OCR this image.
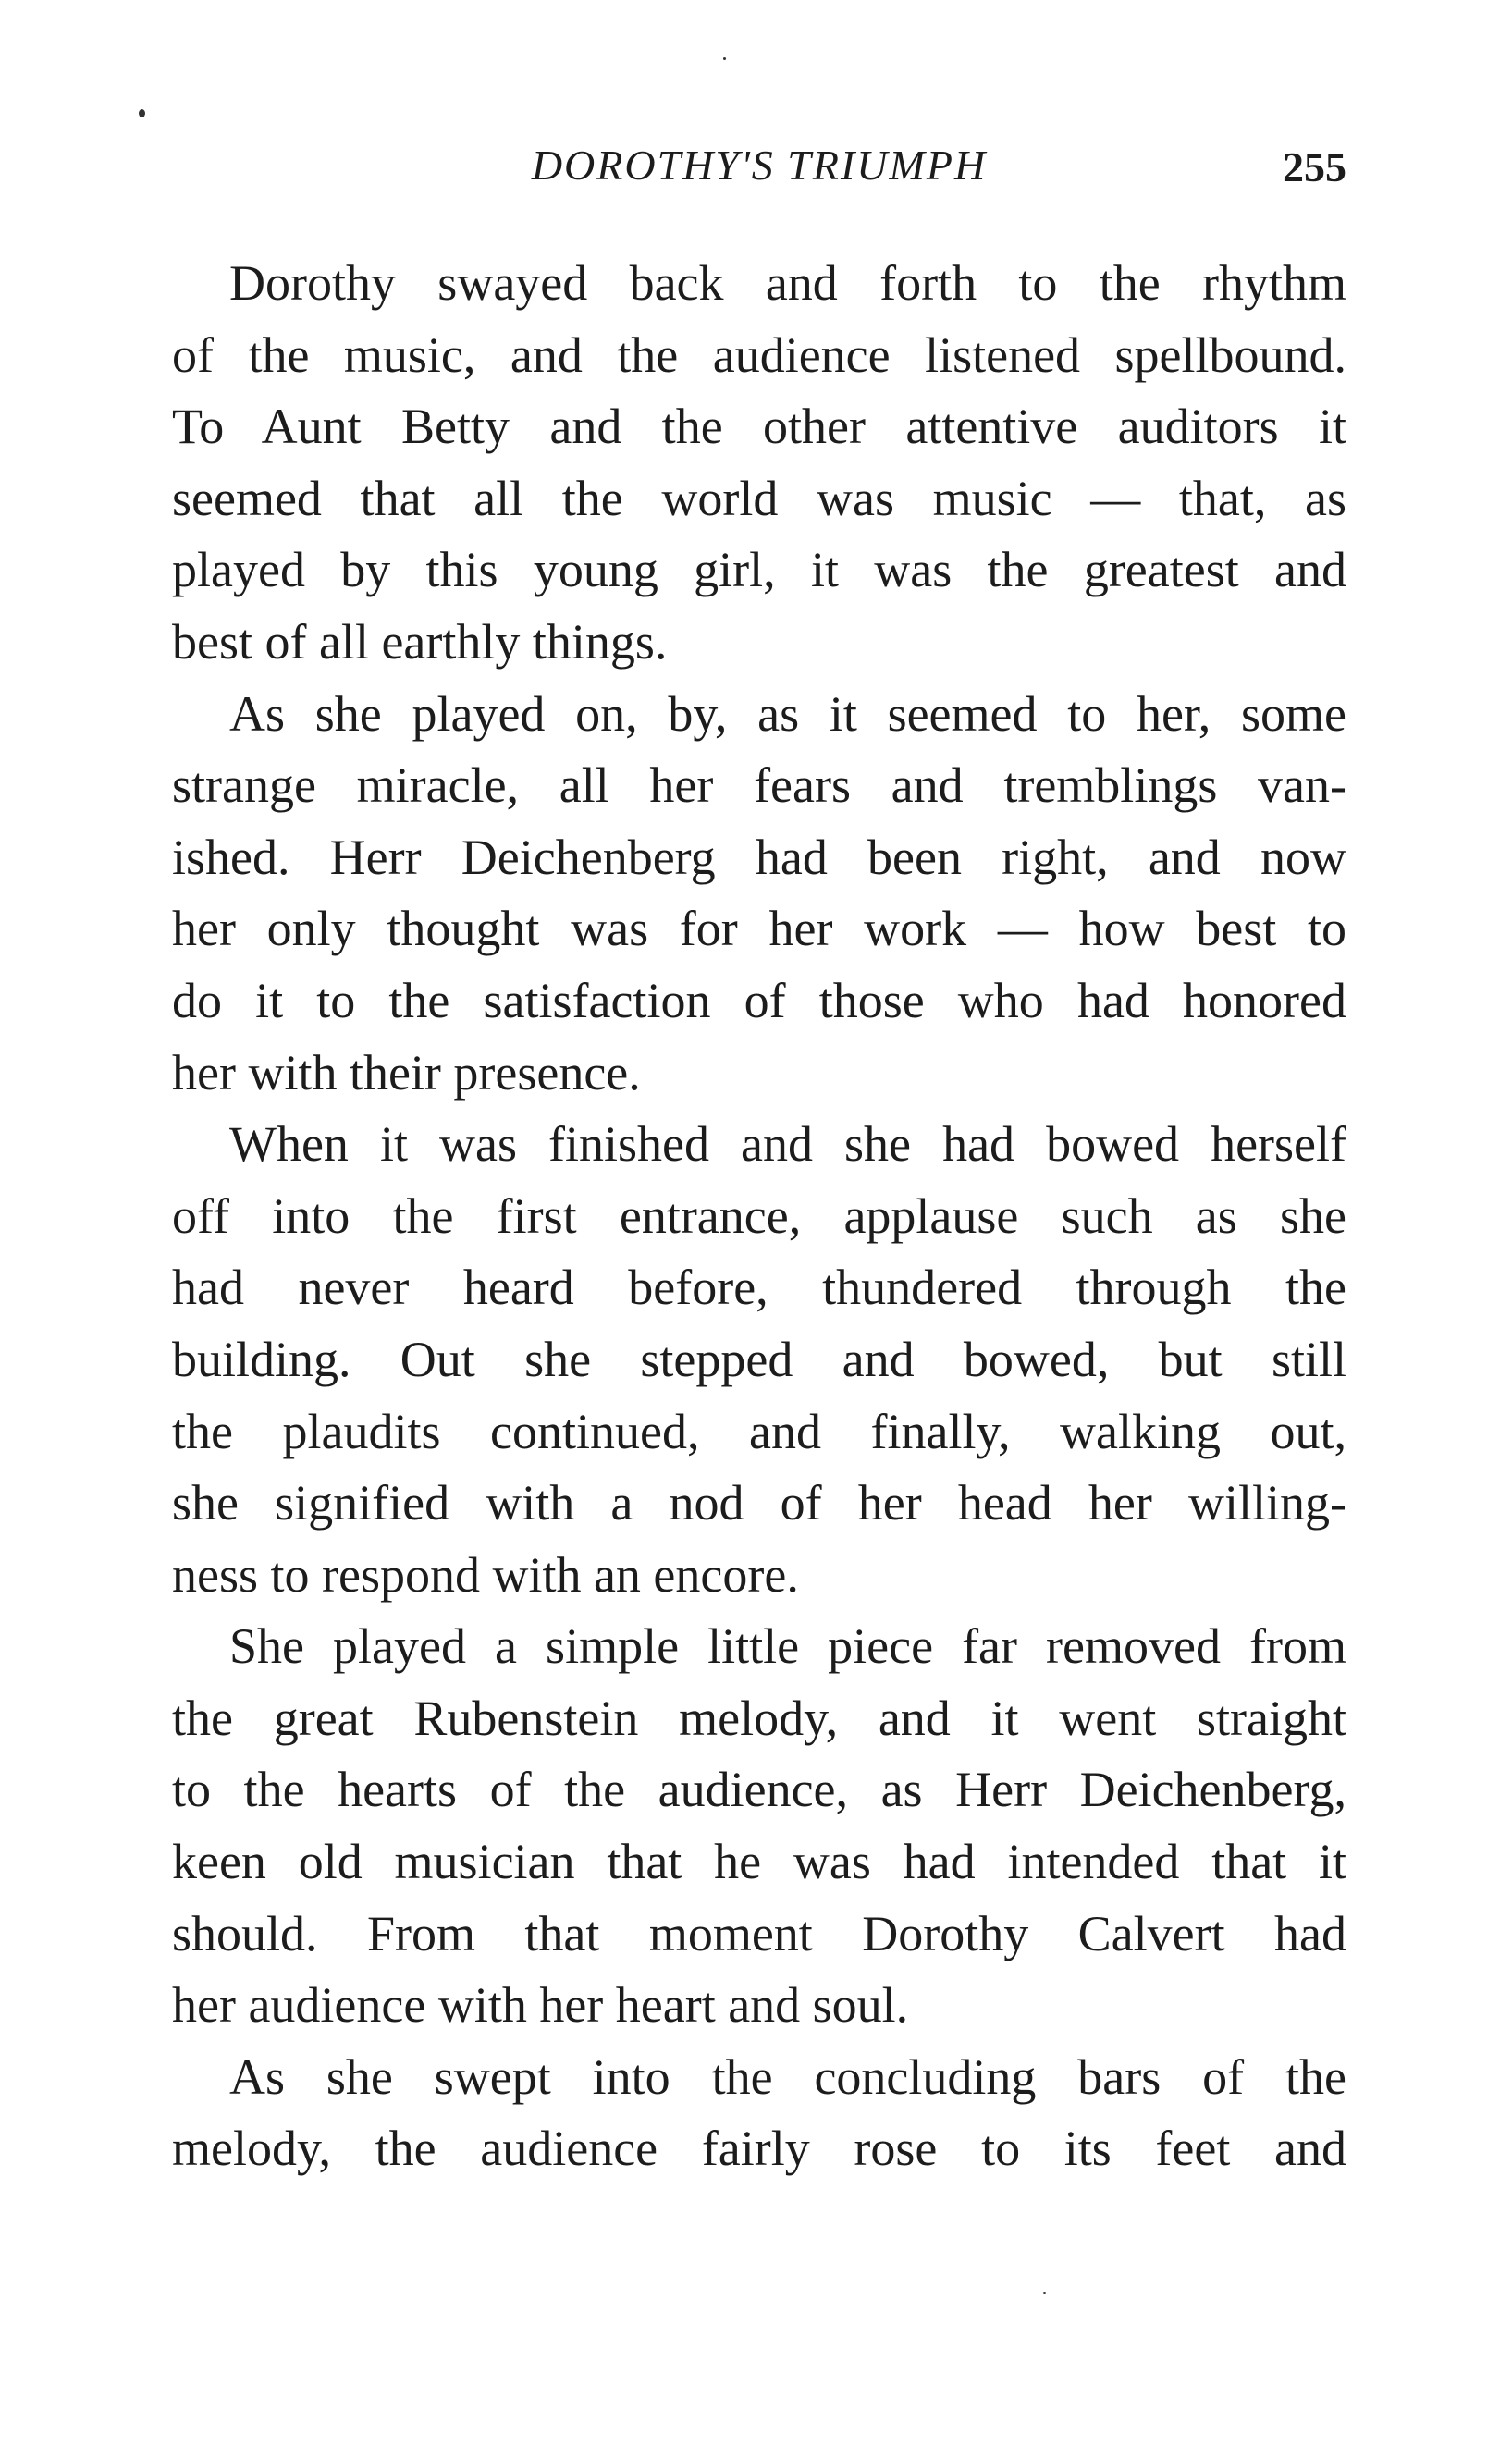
DOROTHY'S TRIUMPH	255

Dorothy swayed back and forth to the rhythm
of the music, and the audience listened spellbound.
To Aunt Betty and the other attentive auditors it
seemed that all the world was music — that, as
played by this young girl, it was the greatest and
best of all earthly things.

As she played on, by, as it seemed to her, some
strange miracle, all her fears and tremblings van-
ished. Herr Deichenberg had been right, and now
her only thought was for her work — how best to
do it to the satisfaction of those who had honored
her with their presence.

When it was finished and she had bowed herself
off into the first entrance, applause such as she
had never heard before, thundered through the
building. Out she stepped and bowed, but still
the plaudits continued, and finally, walking out,
she signified with a nod of her head her willing-
ness to respond with an encore.

She played a simple little piece far removed from
the great Rubenstein melody, and it went straight
to the hearts of the audience, as Herr Deichenberg,
keen old musician that he was had intended that it
should. From that moment Dorothy Calvert had
her audience with her heart and soul.

As she swept into the concluding bars of the
melody, the audience fairly rose to its feet and
